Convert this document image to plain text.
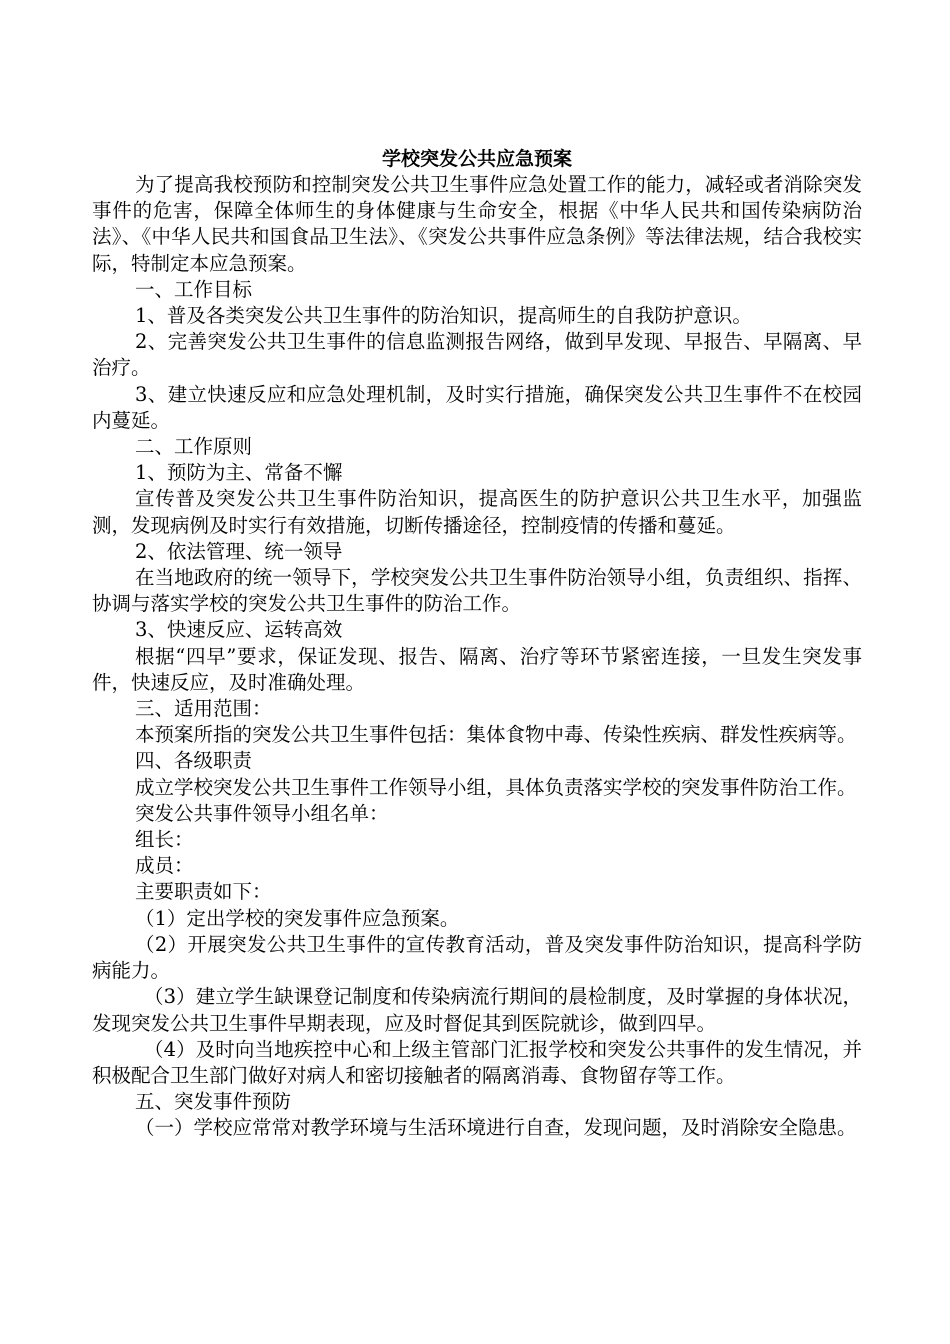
学校突发公共应急预案

为了提高我校预防和控制突发公共卫生事件应急处置工作的能力，减轻或者消除突发事件的危害，保障全体师生的身体健康与生命安全，根据《中华人民共和国传染病防治法》、《中华人民共和国食品卫生法》、《突发公共事件应急条例》等法律法规，结合我校实际，特制定本应急预案。

一、工作目标

1、普及各类突发公共卫生事件的防治知识，提高师生的自我防护意识。

2、完善突发公共卫生事件的信息监测报告网络，做到早发现、早报告、早隔离、早治疗。

3、建立快速反应和应急处理机制，及时实行措施，确保突发公共卫生事件不在校园内蔓延。

二、工作原则

1、预防为主、常备不懈

宣传普及突发公共卫生事件防治知识，提高医生的防护意识公共卫生水平，加强监测，发现病例及时实行有效措施，切断传播途径，控制疫情的传播和蔓延。

2、依法管理、统一领导

在当地政府的统一领导下，学校突发公共卫生事件防治领导小组，负责组织、指挥、协调与落实学校的突发公共卫生事件的防治工作。

3、快速反应、运转高效

根据“四早”要求，保证发现、报告、隔离、治疗等环节紧密连接，一旦发生突发事件，快速反应，及时准确处理。

三、适用范围：

本预案所指的突发公共卫生事件包括：集体食物中毒、传染性疾病、群发性疾病等。

四、各级职责

成立学校突发公共卫生事件工作领导小组，具体负责落实学校的突发事件防治工作。

突发公共事件领导小组名单：

组长：

成员：

主要职责如下：

（1）定出学校的突发事件应急预案。

（2）开展突发公共卫生事件的宣传教育活动，普及突发事件防治知识，提高科学防病能力。

（3）建立学生缺课登记制度和传染病流行期间的晨检制度，及时掌握的身体状况，发现突发公共卫生事件早期表现，应及时督促其到医院就诊，做到四早。

（4）及时向当地疾控中心和上级主管部门汇报学校和突发公共事件的发生情况，并积极配合卫生部门做好对病人和密切接触者的隔离消毒、食物留存等工作。

五、突发事件预防

（一）学校应常常对教学环境与生活环境进行自查，发现问题，及时消除安全隐患。
